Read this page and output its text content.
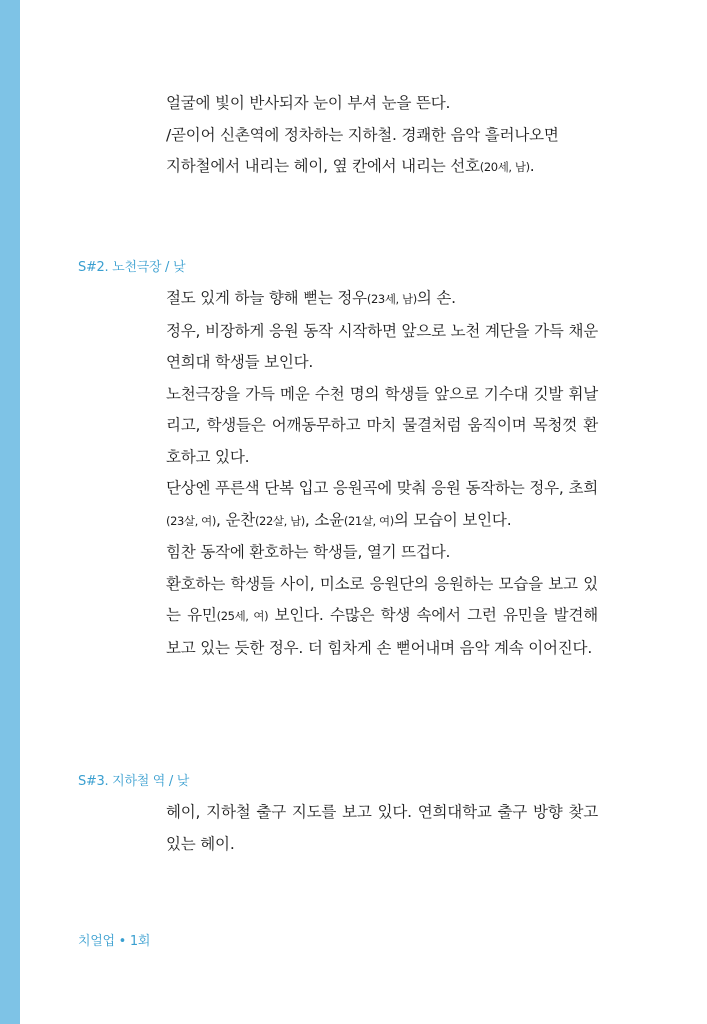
얼굴에 빛이 반사되자 눈이 부셔 눈을 뜬다.

/곧이어 신촌역에 정차하는 지하철. 경쾌한 음악 흘러나오면

지하철에서 내리는 헤이, 옆 칸에서 내리는 선호(20세, 남).

S#2. 노천극장 / 낮

절도 있게 하늘 향해 뻗는 정우(23세, 남)의 손.

정우, 비장하게 응원 동작 시작하면 앞으로 노천 계단을 가득 채운 연희대 학생들 보인다.

노천극장을 가득 메운 수천 명의 학생들 앞으로 기수대 깃발 휘날리고, 학생들은 어깨동무하고 마치 물결처럼 움직이며 목청껏 환호하고 있다.

단상엔 푸른색 단복 입고 응원곡에 맞춰 응원 동작하는 정우, 초희(23살, 여), 운찬(22살, 남), 소윤(21살, 여)의 모습이 보인다.

힘찬 동작에 환호하는 학생들, 열기 뜨겁다.

환호하는 학생들 사이, 미소로 응원단의 응원하는 모습을 보고 있는 유민(25세, 여) 보인다. 수많은 학생 속에서 그런 유민을 발견해 보고 있는 듯한 정우. 더 힘차게 손 뻗어내며 음악 계속 이어진다.

S#3. 지하철 역 / 낮

헤이, 지하철 출구 지도를 보고 있다. 연희대학교 출구 방향 찾고 있는 헤이.

치얼업 • 1회
